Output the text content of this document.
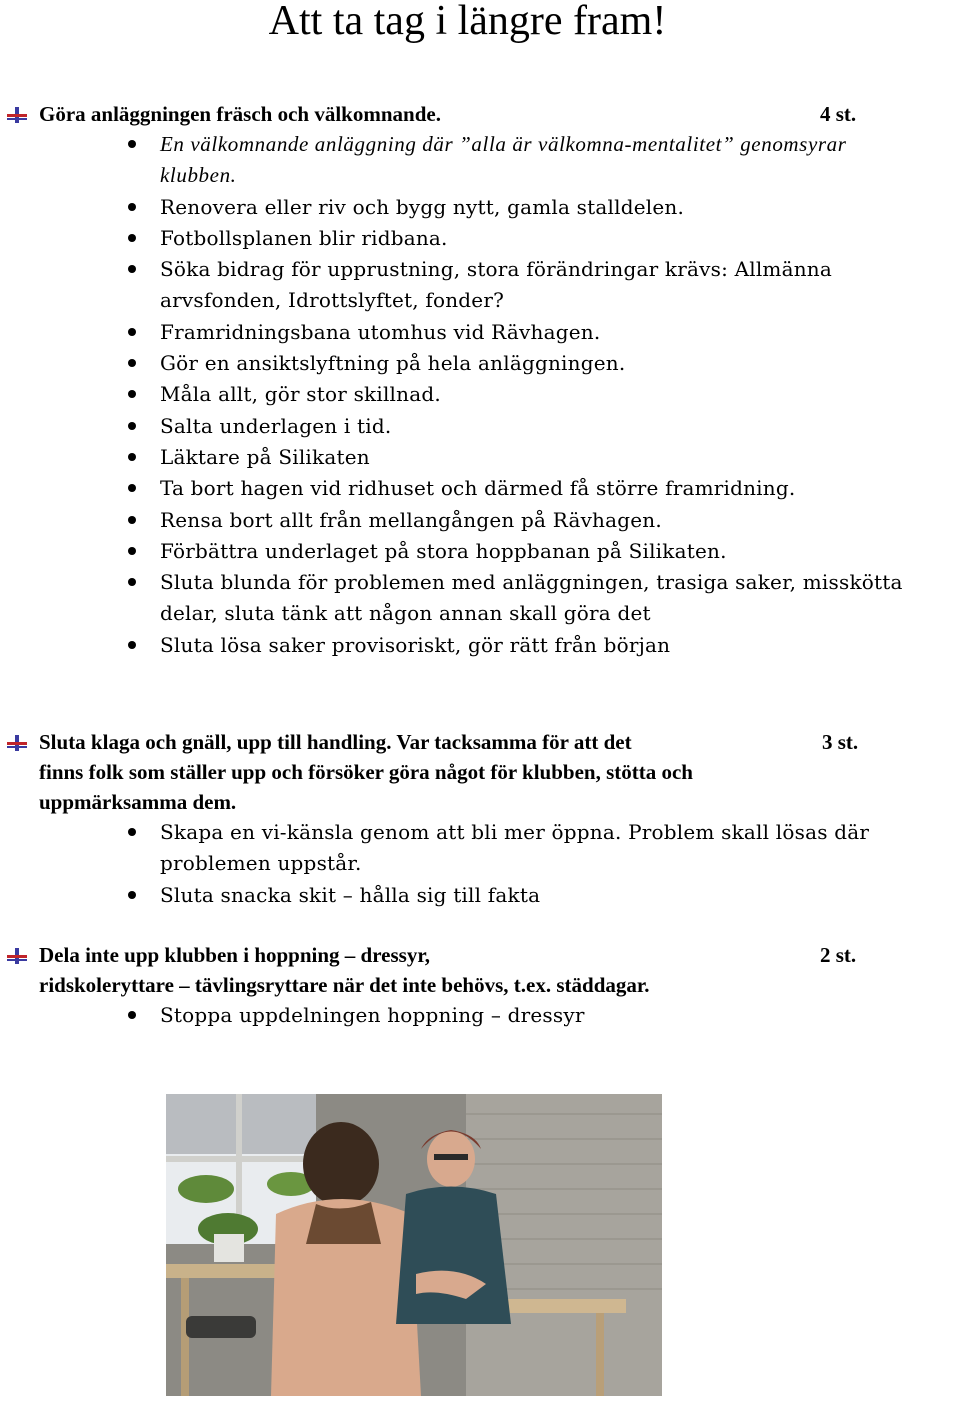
Att ta tag i längre fram!
Göra anläggningen fräsch och välkomnande.	4 st.
En välkomnande anläggning där ”alla är välkomna-mentalitet” genomsyrar klubben.
Renovera eller riv och bygg nytt, gamla stalldelen.
Fotbollsplanen blir ridbana.
Söka bidrag för upprustning, stora förändringar krävs: Allmänna arvsfonden, Idrottslyftet, fonder?
Framridningsbana utomhus vid Rävhagen.
Gör en ansiktslyftning på hela anläggningen.
Måla allt, gör stor skillnad.
Salta underlagen i tid.
Läktare på Silikaten
Ta bort hagen vid ridhuset och därmed få större framridning.
Rensa bort allt från mellangången på Rävhagen.
Förbättra underlaget på stora hoppbanan på Silikaten.
Sluta blunda för problemen med anläggningen, trasiga saker, misskötta delar, sluta tänk att någon annan skall göra det
Sluta lösa saker provisoriskt, gör rätt från början
Sluta klaga och gnäll, upp till handling. Var tacksamma för att det
finns folk som ställer upp och försöker göra något för klubben, stötta och
uppmärksamma dem.
3 st.
Skapa en vi-känsla genom att bli mer öppna. Problem skall lösas där problemen uppstår.
Sluta snacka skit – hålla sig till fakta
Dela inte upp klubben i hoppning – dressyr,
ridskoleryttare – tävlingsryttare när det inte behövs, t.ex. städdagar.
2 st.
Stoppa uppdelningen hoppning – dressyr
